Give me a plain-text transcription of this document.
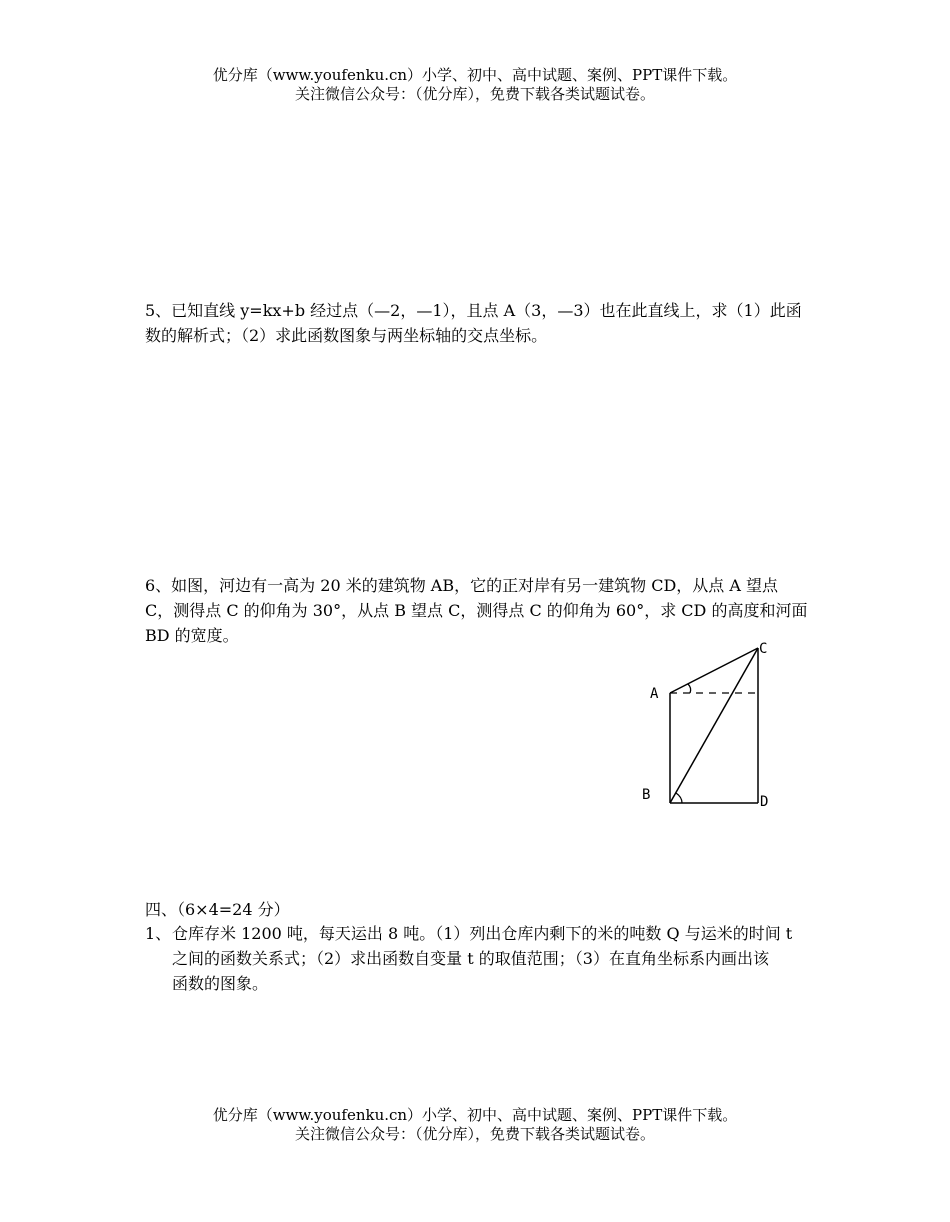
优分库（www.youfenku.cn）小学、初中、高中试题、案例、PPT课件下载。
关注微信公众号：（优分库），免费下载各类试题试卷。
5、已知直线 y=kx+b 经过点（—2，—1），且点 A（3，—3）也在此直线上，求（1）此函
数的解析式；（2）求此函数图象与两坐标轴的交点坐标。
6、如图，河边有一高为 20 米的建筑物 AB，它的正对岸有另一建筑物 CD，从点 A 望点
C，测得点 C 的仰角为 30°，从点 B 望点 C，测得点 C 的仰角为 60°，求 CD 的高度和河面
BD 的宽度。
A
B
C
D
四、（6×4=24 分）
1、 仓库存米 1200 吨，每天运出 8 吨。（1）列出仓库内剩下的米的吨数 Q 与运米的时间 t
之间的函数关系式；（2）求出函数自变量 t 的取值范围；（3）在直角坐标系内画出该
函数的图象。
优分库（www.youfenku.cn）小学、初中、高中试题、案例、PPT课件下载。
关注微信公众号：（优分库），免费下载各类试题试卷。
